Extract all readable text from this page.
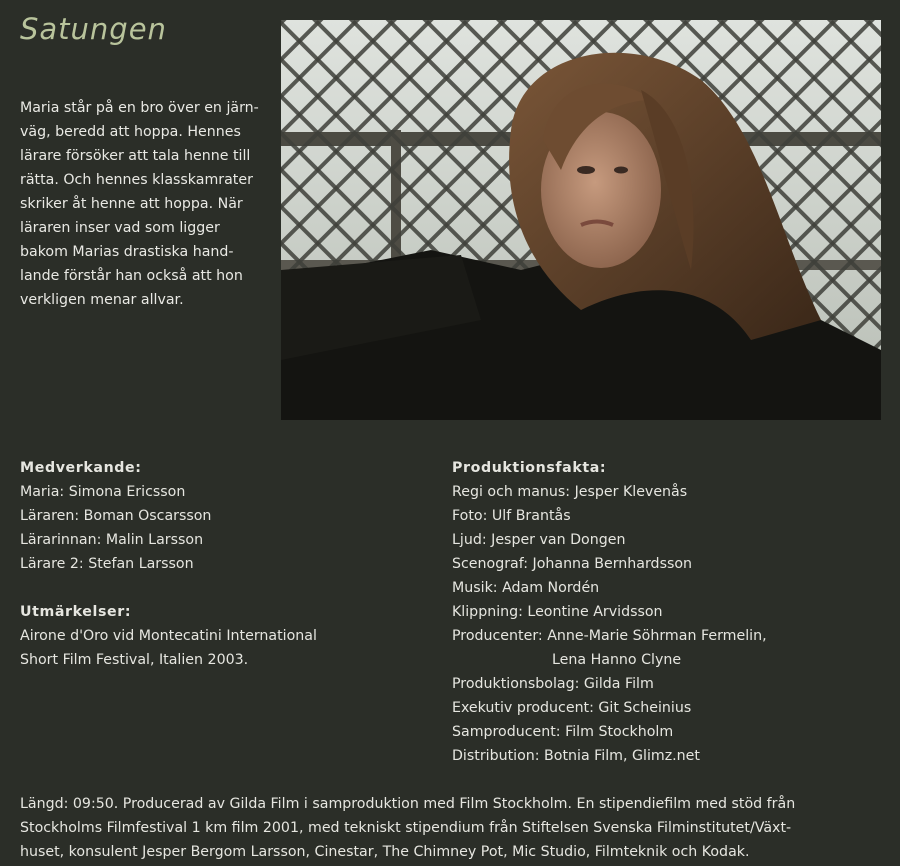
Satungen
Maria står på en bro över en järn-
väg, beredd att hoppa. Hennes
lärare försöker att tala henne till
rätta. Och hennes klasskamrater
skriker åt henne att hoppa. När
läraren inser vad som ligger
bakom Marias drastiska hand-
lande förstår han också att hon
verkligen menar allvar.
Medverkande:
Maria: Simona Ericsson
Läraren: Boman Oscarsson
Lärarinnan: Malin Larsson
Lärare 2: Stefan Larsson
Utmärkelser:
Airone d'Oro vid Montecatini International
Short Film Festival, Italien 2003.
Produktionsfakta:
Regi och manus: Jesper Klevenås
Foto: Ulf Brantås
Ljud: Jesper van Dongen
Scenograf: Johanna Bernhardsson
Musik: Adam Nordén
Klippning: Leontine Arvidsson
Producenter: Anne-Marie Söhrman Fermelin,
Lena Hanno Clyne
Produktionsbolag: Gilda Film
Exekutiv producent: Git Scheinius
Samproducent: Film Stockholm
Distribution: Botnia Film, Glimz.net
Längd: 09:50. Producerad av Gilda Film i samproduktion med Film Stockholm. En stipendiefilm med stöd från
Stockholms Filmfestival 1 km film 2001, med tekniskt stipendium från Stiftelsen Svenska Filminstitutet/Växt-
huset, konsulent Jesper Bergom Larsson, Cinestar, The Chimney Pot, Mic Studio, Filmteknik och Kodak.
